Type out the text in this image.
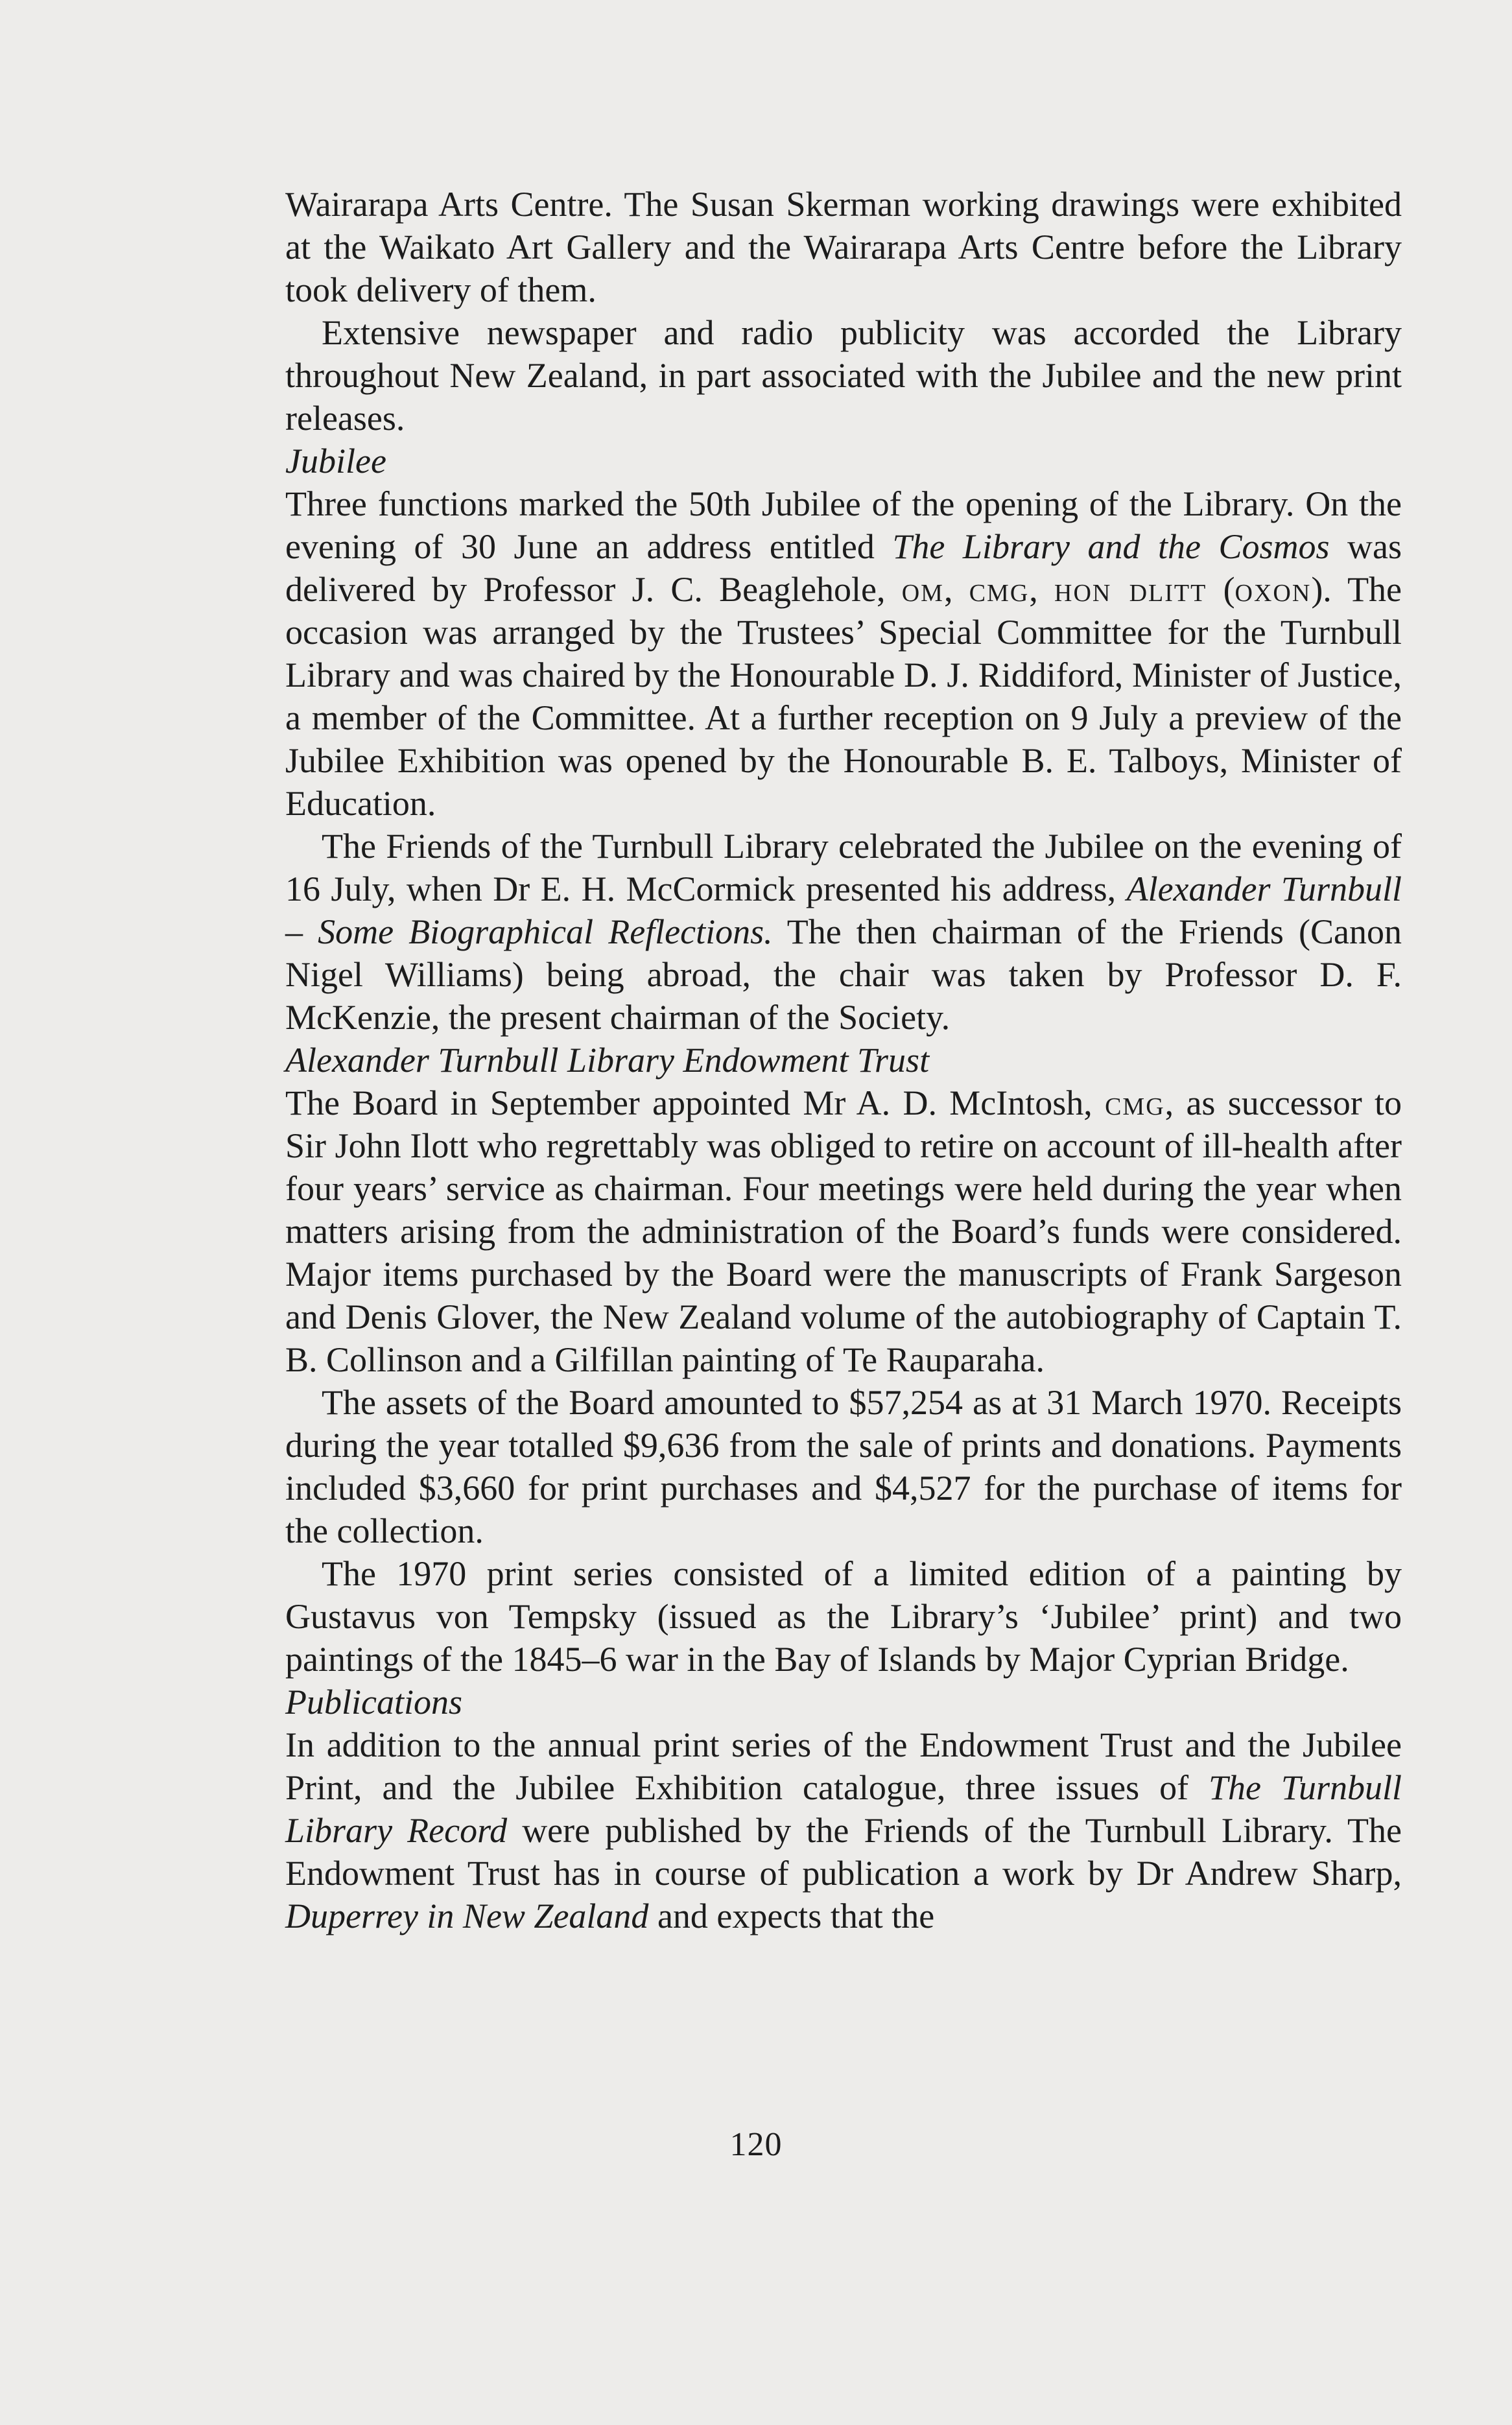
Wairarapa Arts Centre. The Susan Skerman working drawings were exhibited at the Waikato Art Gallery and the Wairarapa Arts Centre before the Library took delivery of them.

Extensive newspaper and radio publicity was accorded the Library throughout New Zealand, in part associated with the Jubilee and the new print releases.

Jubilee

Three functions marked the 50th Jubilee of the opening of the Library. On the evening of 30 June an address entitled The Library and the Cosmos was delivered by Professor J. C. Beaglehole, om, cmg, hon dlitt (oxon). The occasion was arranged by the Trustees’ Special Committee for the Turnbull Library and was chaired by the Honourable D. J. Riddiford, Minister of Justice, a member of the Committee. At a further reception on 9 July a preview of the Jubilee Exhibition was opened by the Honourable B. E. Talboys, Minister of Education.

The Friends of the Turnbull Library celebrated the Jubilee on the evening of 16 July, when Dr E. H. McCormick presented his address, Alexander Turnbull – Some Biographical Reflections. The then chairman of the Friends (Canon Nigel Williams) being abroad, the chair was taken by Professor D. F. McKenzie, the present chairman of the Society.

Alexander Turnbull Library Endowment Trust

The Board in September appointed Mr A. D. McIntosh, cmg, as successor to Sir John Ilott who regrettably was obliged to retire on account of ill-health after four years’ service as chairman. Four meetings were held during the year when matters arising from the administration of the Board’s funds were considered. Major items purchased by the Board were the manuscripts of Frank Sargeson and Denis Glover, the New Zealand volume of the autobiography of Captain T. B. Collinson and a Gilfillan painting of Te Rauparaha.

The assets of the Board amounted to $57,254 as at 31 March 1970. Receipts during the year totalled $9,636 from the sale of prints and donations. Payments included $3,660 for print purchases and $4,527 for the purchase of items for the collection.

The 1970 print series consisted of a limited edition of a painting by Gustavus von Tempsky (issued as the Library’s ‘Jubilee’ print) and two paintings of the 1845–6 war in the Bay of Islands by Major Cyprian Bridge.

Publications

In addition to the annual print series of the Endowment Trust and the Jubilee Print, and the Jubilee Exhibition catalogue, three issues of The Turnbull Library Record were published by the Friends of the Turnbull Library. The Endowment Trust has in course of publication a work by Dr Andrew Sharp, Duperrey in New Zealand and expects that the

120
